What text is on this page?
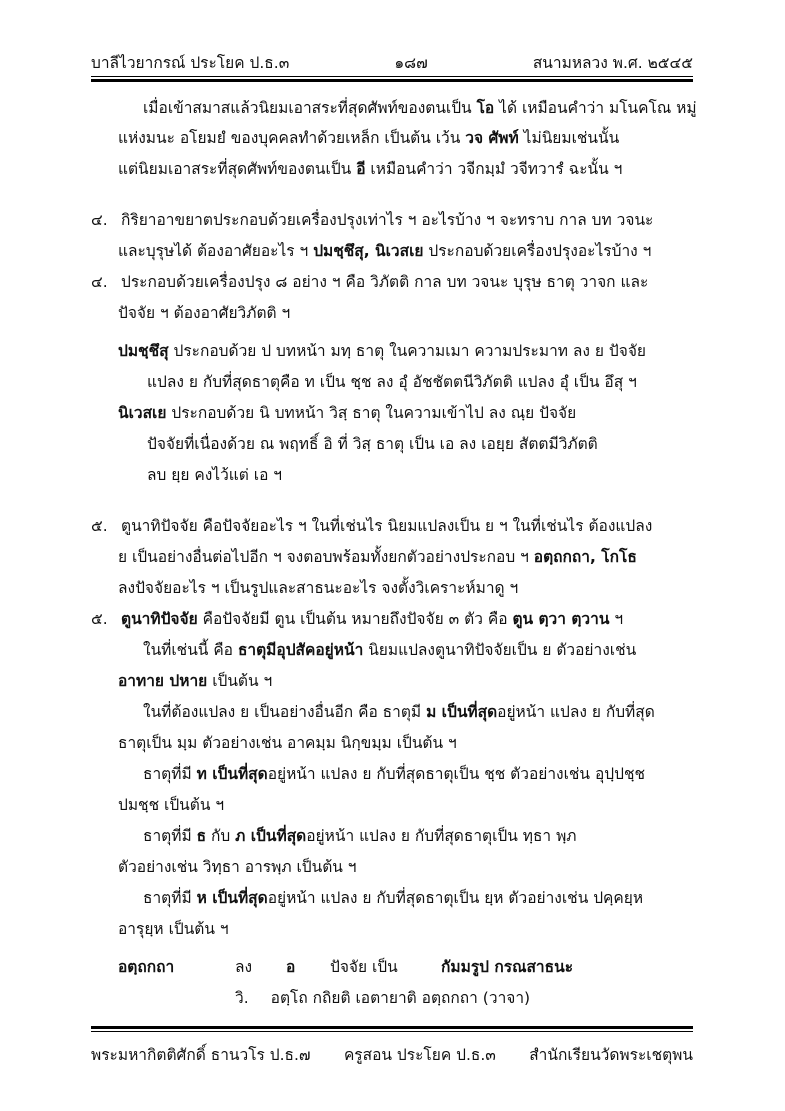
บาลีไวยากรณ์ ประโยค ป.ธ.๓	๑๘๗	สนามหลวง พ.ศ. ๒๕๔๕
เมื่อเข้าสมาสแล้วนิยมเอาสระที่สุดศัพท์ของตนเป็น โอ ได้ เหมือนคำว่า มโนคโณ หมู่
แห่งมนะ อโยมยํ ของบุคคลทำด้วยเหล็ก เป็นต้น เว้น วจ ศัพท์ ไม่นิยมเช่นนั้น
แต่นิยมเอาสระที่สุดศัพท์ของตนเป็น อี เหมือนคำว่า วจีกมฺมํ วจีทวารํ ฉะนั้น ฯ
๔. กิริยาอาขยาตประกอบด้วยเครื่องปรุงเท่าไร ฯ อะไรบ้าง ฯ จะทราบ กาล บท วจนะ
และบุรุษได้ ต้องอาศัยอะไร ฯ ปมชฺชึสุ, นิเวสเย ประกอบด้วยเครื่องปรุงอะไรบ้าง ฯ
๔. ประกอบด้วยเครื่องปรุง ๘ อย่าง ฯ คือ วิภัตติ กาล บท วจนะ บุรุษ ธาตุ วาจก และ
ปัจจัย ฯ ต้องอาศัยวิภัตติ ฯ
ปมชฺชึสุ ประกอบด้วย ป บทหน้า มทฺ ธาตุ ในความเมา ความประมาท ลง ย ปัจจัย
แปลง ย กับที่สุดธาตุคือ ท เป็น ชฺช ลง อุํ อัชชัตตนีวิภัตติ แปลง อุํ เป็น อึสุ ฯ
นิเวสเย ประกอบด้วย นิ บทหน้า วิสฺ ธาตุ ในความเข้าไป ลง ณฺย ปัจจัย
ปัจจัยที่เนื่องด้วย ณ พฤทธิ์ อิ ที่ วิสฺ ธาตุ เป็น เอ ลง เอยฺย สัตตมีวิภัตติ
ลบ ยฺย คงไว้แต่ เอ ฯ
๕. ตูนาทิปัจจัย คือปัจจัยอะไร ฯ ในที่เช่นไร นิยมแปลงเป็น ย ฯ ในที่เช่นไร ต้องแปลง
ย เป็นอย่างอื่นต่อไปอีก ฯ จงตอบพร้อมทั้งยกตัวอย่างประกอบ ฯ อตฺถกถา, โกโธ
ลงปัจจัยอะไร ฯ เป็นรูปและสาธนะอะไร จงตั้งวิเคราะห์มาดู ฯ
๕. ตูนาทิปัจจัย คือปัจจัยมี ตูน เป็นต้น หมายถึงปัจจัย ๓ ตัว คือ ตูน ตฺวา ตฺวาน ฯ
ในที่เช่นนี้ คือ ธาตุมีอุปสัคอยู่หน้า นิยมแปลงตูนาทิปัจจัยเป็น ย ตัวอย่างเช่น
อาทาย ปหาย เป็นต้น ฯ
ในที่ต้องแปลง ย เป็นอย่างอื่นอีก คือ ธาตุมี ม เป็นที่สุดอยู่หน้า แปลง ย กับที่สุด
ธาตุเป็น มฺม ตัวอย่างเช่น อาคมฺม นิกฺขมฺม เป็นต้น ฯ
ธาตุที่มี ท เป็นที่สุดอยู่หน้า แปลง ย กับที่สุดธาตุเป็น ชฺช ตัวอย่างเช่น อุปฺปชฺช
ปมชฺช เป็นต้น ฯ
ธาตุที่มี ธ กับ ภ เป็นที่สุดอยู่หน้า แปลง ย กับที่สุดธาตุเป็น ทฺธา พฺภ
ตัวอย่างเช่น วิทฺธา อารพฺภ เป็นต้น ฯ
ธาตุที่มี ห เป็นที่สุดอยู่หน้า แปลง ย กับที่สุดธาตุเป็น ยฺห ตัวอย่างเช่น ปคฺคยฺห
อารุยฺห เป็นต้น ฯ
อตฺถกถา	ลง อ ปัจจัย เป็น	กัมมรูป กรณสาธนะ
วิ. อตฺโถ กถิยติ เอตายาติ อตฺถกถา (วาจา)
พระมหากิตติศักดิ์ ธานวโร ป.ธ.๗ ครูสอน ประโยค ป.ธ.๓ สำนักเรียนวัดพระเชตุพน
